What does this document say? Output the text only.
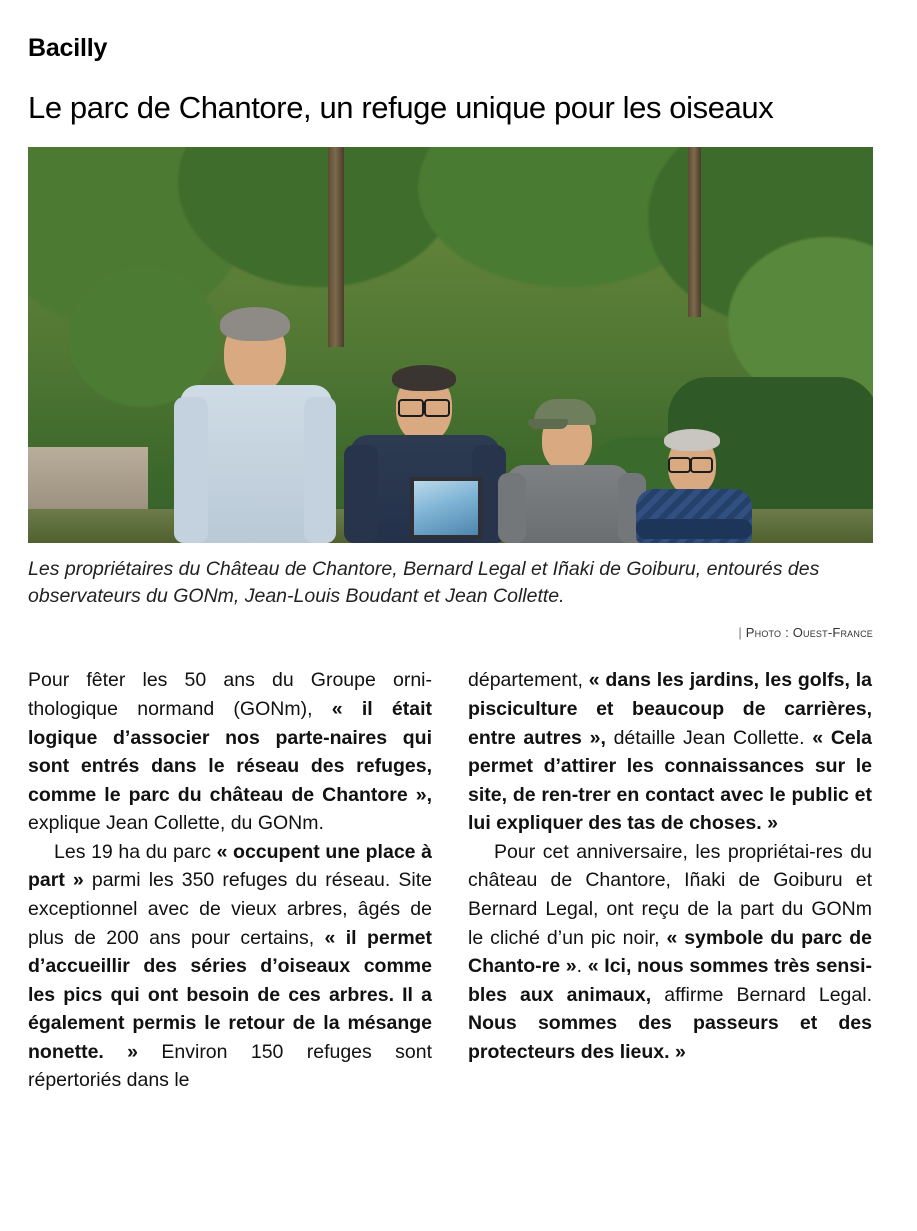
Bacilly
Le parc de Chantore, un refuge unique pour les oiseaux
Les propriétaires du Château de Chantore, Bernard Legal et Iñaki de Goiburu, entourés des observateurs du GONm, Jean-Louis Boudant et Jean Collette.
| Photo : Ouest-France

Pour fêter les 50 ans du Groupe orni-thologique normand (GONm), « il était logique d’associer nos parte-naires qui sont entrés dans le réseau des refuges, comme le parc du château de Chantore », explique Jean Collette, du GONm.

Les 19 ha du parc « occupent une place à part » parmi les 350 refuges du réseau. Site exceptionnel avec de vieux arbres, âgés de plus de 200 ans pour certains, « il permet d’accueillir des séries d’oiseaux comme les pics qui ont besoin de ces arbres. Il a également permis le retour de la mésange nonette. » Environ 150 refuges sont répertoriés dans le

département, « dans les jardins, les golfs, la pisciculture et beaucoup de carrières, entre autres », détaille Jean Collette. « Cela permet d’attirer les connaissances sur le site, de ren-trer en contact avec le public et lui expliquer des tas de choses. »

Pour cet anniversaire, les propriétai-res du château de Chantore, Iñaki de Goiburu et Bernard Legal, ont reçu de la part du GONm le cliché d’un pic noir, « symbole du parc de Chanto-re ». « Ici, nous sommes très sensi-bles aux animaux, affirme Bernard Legal. Nous sommes des passeurs et des protecteurs des lieux. »
